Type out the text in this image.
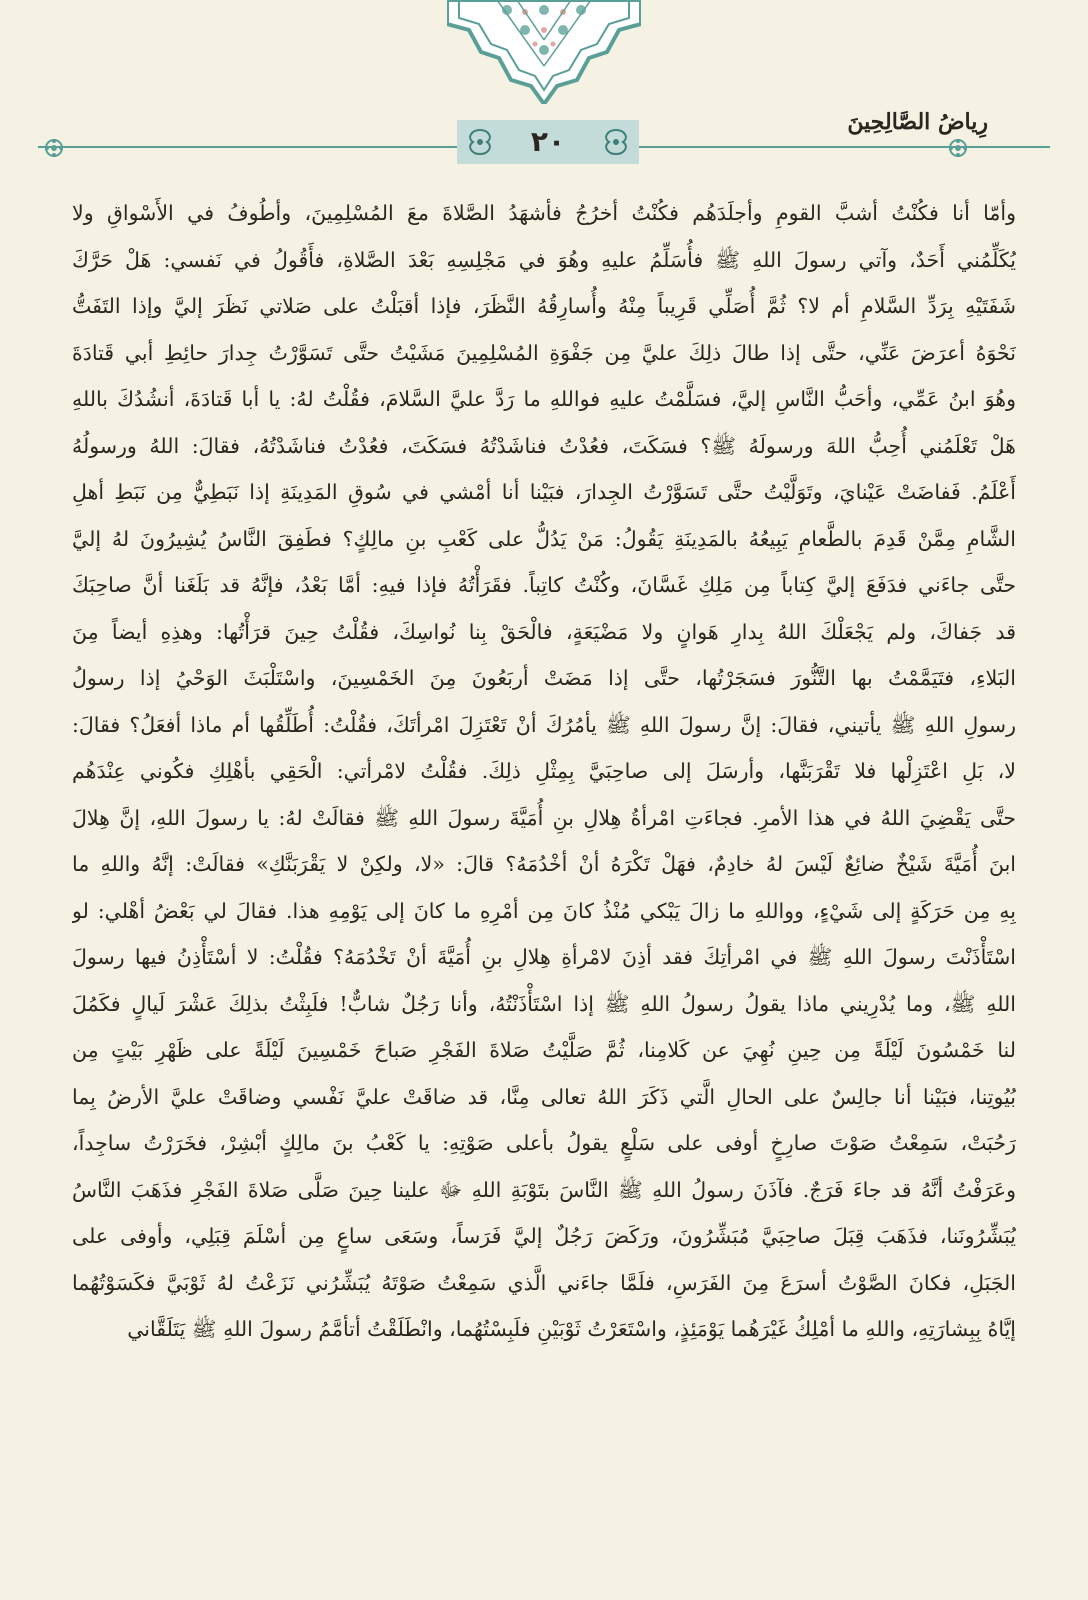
٢٠
رِياضُ الصَّالِحِينَ
وأمّا أنا فكُنْتُ أشبَّ القومِ وأجلَدَهُم فكُنْتُ أخرُجُ فأشهَدُ الصَّلاةَ معَ المُسْلِمِينَ، وأطُوفُ في الأَسْواقِ ولا
يُكَلِّمُني أَحَدٌ، وآتي رسولَ اللهِ ﷺ فأُسَلِّمُ عليهِ وهُوَ في مَجْلِسِهِ بَعْدَ الصَّلاةِ، فأَقُولُ في نَفسي: هَلْ حَرَّكَ
شَفَتَيْهِ بِرَدِّ السَّلامِ أم لا؟ ثُمَّ أُصَلِّي قَرِيباً مِنْهُ وأُسارِقُهُ النَّظَرَ، فإذا أقبَلْتُ على صَلاتي نَظَرَ إليَّ وإذا التَفَتُّ
نَحْوَهُ أعرَضَ عَنِّي، حتَّى إذا طالَ ذلِكَ عليَّ مِن جَفْوَةِ المُسْلِمِينَ مَشَيْتُ حتَّى تَسَوَّرْتُ جِدارَ حائِطِ أبي قَتادَةَ
وهُوَ ابنُ عَمِّي، وأحَبُّ النَّاسِ إليَّ، فسَلَّمْتُ عليهِ فواللهِ ما رَدَّ عليَّ السَّلامَ، فقُلْتُ لهُ: يا أبا قَتادَةَ، أنشُدُكَ باللهِ
هَلْ تَعْلَمُني أُحِبُّ اللهَ ورسولَهُ ﷺ؟ فسَكَتَ، فعُدْتُ فناشَدْتُهُ فسَكَتَ، فعُدْتُ فناشَدْتُهُ، فقالَ: اللهُ ورسولُهُ
أَعْلَمُ. فَفاضَتْ عَيْنايَ، وتَوَلَّيْتُ حتَّى تَسَوَّرْتُ الجِدارَ، فبَيْنا أنا أمْشي في سُوقِ المَدِينَةِ إذا نَبَطِيٌّ مِن نَبَطِ أهلِ
الشَّامِ مِمَّنْ قَدِمَ بالطَّعامِ يَبِيعُهُ بالمَدِينَةِ يَقُولُ: مَنْ يَدُلُّ على كَعْبِ بنِ مالِكٍ؟ فطَفِقَ النَّاسُ يُشِيرُونَ لهُ إليَّ
حتَّى جاءَني فدَفَعَ إليَّ كِتاباً مِن مَلِكِ غَسَّانَ، وكُنْتُ كاتِباً. فقَرَأْتُهُ فإذا فيهِ: أمَّا بَعْدُ، فإنَّهُ قد بَلَغَنا أنَّ صاحِبَكَ
قد جَفاكَ، ولم يَجْعَلْكَ اللهُ بِدارِ هَوانٍ ولا مَضْيَعَةٍ، فالْحَقْ بِنا نُواسِكَ، فقُلْتُ حِينَ قرَأْتُها: وهذِهِ أيضاً مِنَ
البَلاءِ، فتَيَمَّمْتُ بها التَّنُّورَ فسَجَرْتُها، حتَّى إذا مَضَتْ أربَعُونَ مِنَ الخَمْسِينَ، واسْتَلْبَثَ الوَحْيُ إذا رسولُ
رسولِ اللهِ ﷺ يأتيني، فقالَ: إنَّ رسولَ اللهِ ﷺ يأمُرُكَ أنْ تَعْتَزِلَ امْرأتَكَ، فقُلْتُ: أُطَلِّقُها أم ماذا أفعَلُ؟ فقالَ:
لا، بَلِ اعْتَزِلْها فلا تَقْرَبَنَّها، وأرسَلَ إلى صاحِبَيَّ بِمِثْلِ ذلِكَ. فقُلْتُ لامْرأتي: الْحَقِي بأهْلِكِ فكُوني عِنْدَهُم
حتَّى يَقْضِيَ اللهُ في هذا الأمرِ. فجاءَتِ امْرأةُ هِلالِ بنِ أُمَيَّةَ رسولَ اللهِ ﷺ فقالَتْ لهُ: يا رسولَ اللهِ، إنَّ هِلالَ
ابنَ أُمَيَّةَ شَيْخٌ ضائِعٌ لَيْسَ لهُ خادِمٌ، فهَلْ تَكْرَهُ أنْ أخْدُمَهُ؟ قالَ: «لا، ولكِنْ لا يَقْرَبَنَّكِ» فقالَتْ: إنَّهُ واللهِ ما
بِهِ مِن حَرَكَةٍ إلى شَيْءٍ، وواللهِ ما زالَ يَبْكي مُنْذُ كانَ مِن أمْرِهِ ما كانَ إلى يَوْمِهِ هذا. فقالَ لي بَعْضُ أهْلي: لو
اسْتَأْذَنْتَ رسولَ اللهِ ﷺ في امْرأتِكَ فقد أذِنَ لامْرأةِ هِلالِ بنِ أُمَيَّةَ أنْ تَخْدُمَهُ؟ فقُلْتُ: لا أسْتَأْذِنُ فيها رسولَ
اللهِ ﷺ، وما يُدْرِيني ماذا يقولُ رسولُ اللهِ ﷺ إذا اسْتَأْذَنْتُهُ، وأنا رَجُلٌ شابٌّ! فلَبِثْتُ بذلِكَ عَشْرَ لَيالٍ فكَمُلَ
لنا خَمْسُونَ لَيْلَةً مِن حِينِ نُهِيَ عن كَلامِنا، ثُمَّ صَلَّيْتُ صَلاةَ الفَجْرِ صَباحَ خَمْسِينَ لَيْلَةً على ظَهْرِ بَيْتٍ مِن
بُيُوتِنا، فبَيْنا أنا جالِسٌ على الحالِ الَّتي ذَكَرَ اللهُ تعالى مِنَّا، قد ضاقَتْ عليَّ نَفْسي وضاقَتْ عليَّ الأرضُ بِما
رَحُبَتْ، سَمِعْتُ صَوْتَ صارِخٍ أوفى على سَلْعٍ يقولُ بأعلى صَوْتِهِ: يا كَعْبُ بنَ مالِكٍ أبْشِرْ، فخَرَرْتُ ساجِداً،
وعَرَفْتُ أنَّهُ قد جاءَ فَرَجٌ. فآذَنَ رسولُ اللهِ ﷺ النَّاسَ بتَوْبَةِ اللهِ ﷻ علينا حِينَ صَلَّى صَلاةَ الفَجْرِ فذَهَبَ النَّاسُ
يُبَشِّرُونَنا، فذَهَبَ قِبَلَ صاحِبَيَّ مُبَشِّرُونَ، ورَكَضَ رَجُلٌ إليَّ فَرَساً، وسَعَى ساعٍ مِن أسْلَمَ قِبَلِي، وأوفى على
الجَبَلِ، فكانَ الصَّوْتُ أسرَعَ مِنَ الفَرَسِ، فلَمَّا جاءَني الَّذي سَمِعْتُ صَوْتَهُ يُبَشِّرُني نَزَعْتُ لهُ ثَوْبَيَّ فكَسَوْتُهُما
إيَّاهُ بِبِشارَتِهِ، واللهِ ما أمْلِكُ غَيْرَهُما يَوْمَئِذٍ، واسْتَعَرْتُ ثَوْبَيْنِ فلَبِسْتُهُما، وانْطَلَقْتُ أتأمَّمُ رسولَ اللهِ ﷺ يَتَلَقَّاني
